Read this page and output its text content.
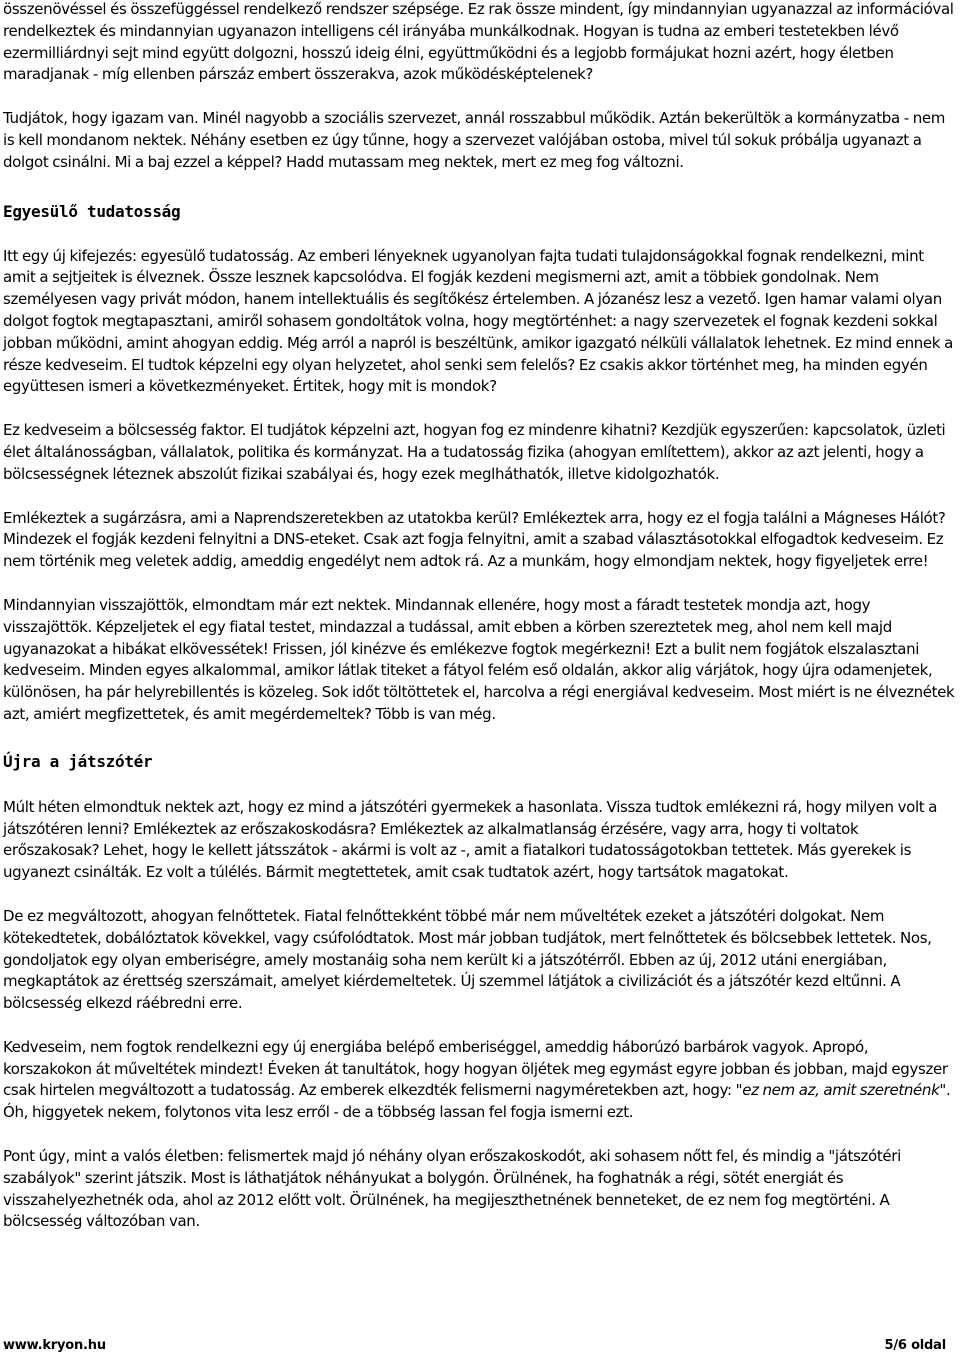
összenövéssel és összefüggéssel rendelkező rendszer szépsége. Ez rak össze mindent, így mindannyian ugyanazzal az információval rendelkeztek és mindannyian ugyanazon intelligens cél irányába munkálkodnak. Hogyan is tudna az emberi testetekben lévő ezermilliárdnyi sejt mind együtt dolgozni, hosszú ideig élni, együttműködni és a legjobb formájukat hozni azért, hogy életben maradjanak - míg ellenben párszáz embert összerakva, azok működésképtelenek?

Tudjátok, hogy igazam van. Minél nagyobb a szociális szervezet, annál rosszabbul működik. Aztán bekerültök a kormányzatba - nem is kell mondanom nektek. Néhány esetben ez úgy tűnne, hogy a szervezet valójában ostoba, mivel túl sokuk próbálja ugyanazt a dolgot csinálni. Mi a baj ezzel a képpel? Hadd mutassam meg nektek, mert ez meg fog változni.

Egyesülő tudatosság

Itt egy új kifejezés: egyesülő tudatosság. Az emberi lényeknek ugyanolyan fajta tudati tulajdonságokkal fognak rendelkezni, mint amit a sejtjeitek is élveznek. Össze lesznek kapcsolódva. El fogják kezdeni megismerni azt, amit a többiek gondolnak. Nem személyesen vagy privát módon, hanem intellektuális és segítőkész értelemben. A józanész lesz a vezető. Igen hamar valami olyan dolgot fogtok megtapasztani, amiről sohasem gondoltátok volna, hogy megtörténhet: a nagy szervezetek el fognak kezdeni sokkal jobban működni, amint ahogyan eddig. Még arról a napról is beszéltünk, amikor igazgató nélküli vállalatok lehetnek. Ez mind ennek a része kedveseim. El tudtok képzelni egy olyan helyzetet, ahol senki sem felelős? Ez csakis akkor történhet meg, ha minden egyén együttesen ismeri a következményeket. Értitek, hogy mit is mondok?

Ez kedveseim a bölcsesség faktor. El tudjátok képzelni azt, hogyan fog ez mindenre kihatni? Kezdjük egyszerűen: kapcsolatok, üzleti élet általánosságban, vállalatok, politika és kormányzat. Ha a tudatosság fizika (ahogyan említettem), akkor az azt jelenti, hogy a bölcsességnek léteznek abszolút fizikai szabályai és, hogy ezek meglháthatók, illetve kidolgozhatók.

Emlékeztek a sugárzásra, ami a Naprendszeretekben az utatokba kerül? Emlékeztek arra, hogy ez el fogja találni a Mágneses Hálót? Mindezek el fogják kezdeni felnyitni a DNS-eteket. Csak azt fogja felnyitni, amit a szabad választásotokkal elfogadtok kedveseim. Ez nem történik meg veletek addig, ameddig engedélyt nem adtok rá. Az a munkám, hogy elmondjam nektek, hogy figyeljetek erre!

Mindannyian visszajöttök, elmondtam már ezt nektek. Mindannak ellenére, hogy most a fáradt testetek mondja azt, hogy visszajöttök. Képzeljetek el egy fiatal testet, mindazzal a tudással, amit ebben a körben szereztetek meg, ahol nem kell majd ugyanazokat a hibákat elkövessétek! Frissen, jól kinézve és emlékezve fogtok megérkezni! Ezt a bulit nem fogjátok elszalasztani kedveseim. Minden egyes alkalommal, amikor látlak titeket a fátyol felém eső oldalán, akkor alig várjátok, hogy újra odamenjetek, különösen, ha pár helyrebillentés is közeleg. Sok időt töltöttetek el, harcolva a régi energiával kedveseim. Most miért is ne élveznétek azt, amiért megfizettetek, és amit megérdemeltek? Több is van még.

Újra a játszótér

Múlt héten elmondtuk nektek azt, hogy ez mind a játszótéri gyermekek a hasonlata. Vissza tudtok emlékezni rá, hogy milyen volt a játszótéren lenni? Emlékeztek az erőszakoskodásra? Emlékeztek az alkalmatlanság érzésére, vagy arra, hogy ti voltatok erőszakosak? Lehet, hogy le kellett játsszátok - akármi is volt az -, amit a fiatalkori tudatosságotokban tettetek. Más gyerekek is ugyanezt csinálták. Ez volt a túlélés. Bármit megtettetek, amit csak tudtatok azért, hogy tartsátok magatokat.

De ez megváltozott, ahogyan felnőttetek. Fiatal felnőttekként többé már nem műveltétek ezeket a játszótéri dolgokat. Nem kötekedtetek, dobálóztatok kövekkel, vagy csúfolódtatok. Most már jobban tudjátok, mert felnőttetek és bölcsebbek lettetek. Nos, gondoljatok egy olyan emberiségre, amely mostanáig soha nem került ki a játszótérről. Ebben az új, 2012 utáni energiában, megkaptátok az érettség szerszámait, amelyet kiérdemeltetek. Új szemmel látjátok a civilizációt és a játszótér kezd eltűnni. A bölcsesség elkezd ráébredni erre.

Kedveseim, nem fogtok rendelkezni egy új energiába belépő emberiséggel, ameddig háborúzó barbárok vagyok. Apropó, korszakokon át műveltétek mindezt! Éveken át tanultátok, hogy hogyan öljétek meg egymást egyre jobban és jobban, majd egyszer csak hirtelen megváltozott a tudatosság. Az emberek elkezdték felismerni nagyméretekben azt, hogy: "ez nem az, amit szeretnénk". Óh, higgyetek nekem, folytonos vita lesz erről - de a többség lassan fel fogja ismerni ezt.

Pont úgy, mint a valós életben: felismertek majd jó néhány olyan erőszakoskodót, aki sohasem nőtt fel, és mindig a "játszótéri szabályok" szerint játszik. Most is láthatjátok néhányukat a bolygón. Örülnének, ha foghatnák a régi, sötét energiát és visszahelyezhetnék oda, ahol az 2012 előtt volt. Örülnének, ha megijeszthetnének benneteket, de ez nem fog megtörténi. A bölcsesség változóban van.

www.kryon.hu	5/6 oldal
